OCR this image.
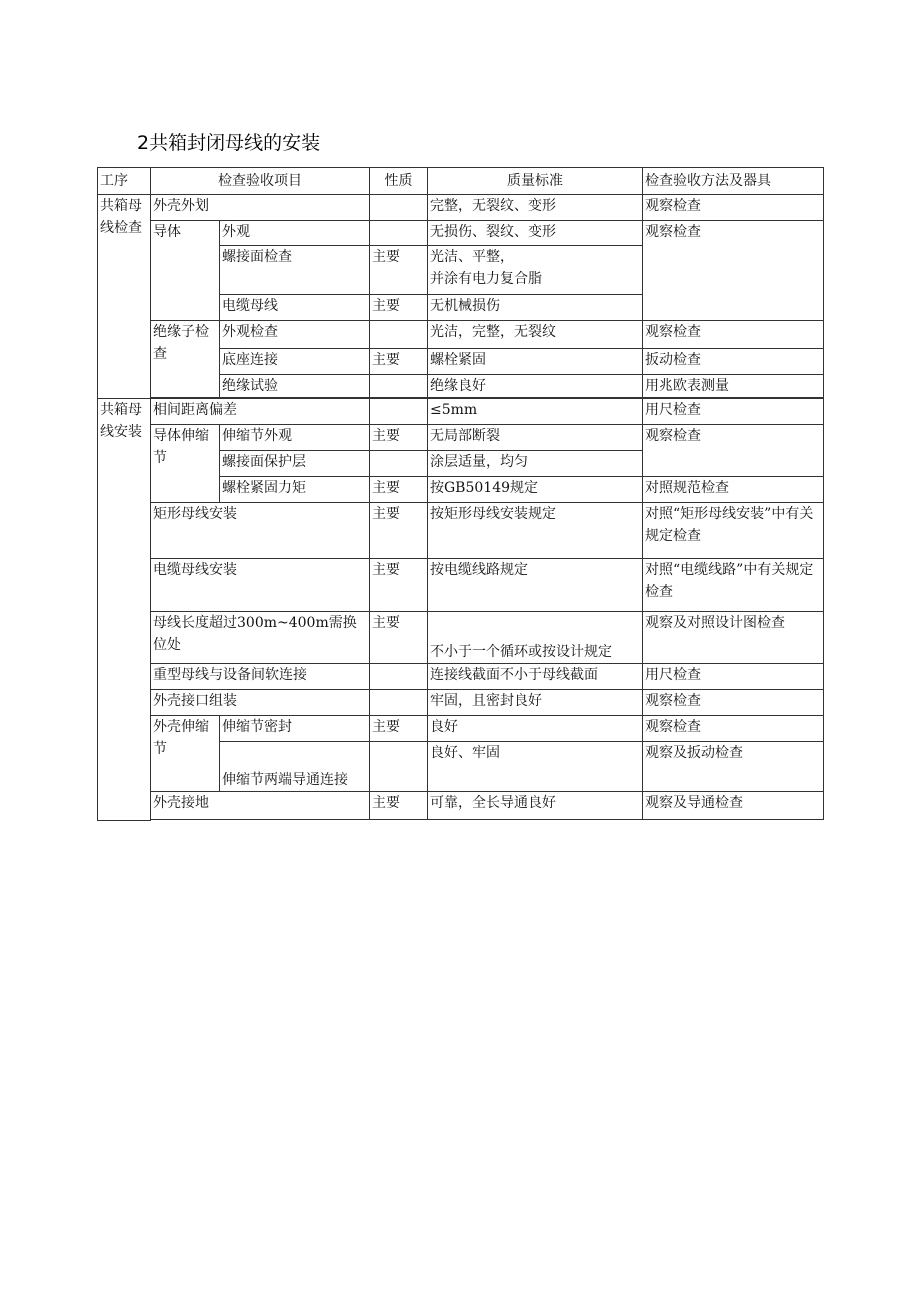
2共箱封闭母线的安装
工序	检查验收项目		性质	质量标准	检查验收方法及器具
共箱母线检查	外壳外划			完整，无裂纹、变形	观察检查
	导体	外观		无损伤、裂纹、变形	观察检查
		螺接面检查	主要	光洁、平整，
并涂有电力复合脂	

		电缆母线	主要	无机械损伤	
	绝缘子检查	外观检查		光洁，完整，无裂纹	观察检查
		底座连接	主要	螺栓紧固	扳动检查
		绝缘试验		绝缘良好	用兆欧表测量

共箱母线安装	相间距离偏差			≤5mm	用尺检查
	导体伸缩节	伸缩节外观	主要	无局部断裂	观察检查
		螺接面保护层		涂层适量，均匀	
		螺栓紧固力矩	主要	按GB50149规定	对照规范检查
	矩形母线安装		主要	按矩形母线安装规定	对照“矩形母线安装”中有关规定检查
	电缆母线安装		主要	按电缆线路规定	对照“电缆线路”中有关规定检查
	母线长度超过300m~400m需换位处		主要	不小于一个循环或按设计规定	观察及对照设计图检查
	重型母线与设备间软连接			连接线截面不小于母线截面	用尺检查
	外壳接口组装			牢固，且密封良好	观察检查
	外壳伸缩节	伸缩节密封	主要	良好	观察检查
		伸缩节两端导通连接		良好、牢固	观察及扳动检查
	外壳接地		主要	可靠，全长导通良好	观察及导通检查
